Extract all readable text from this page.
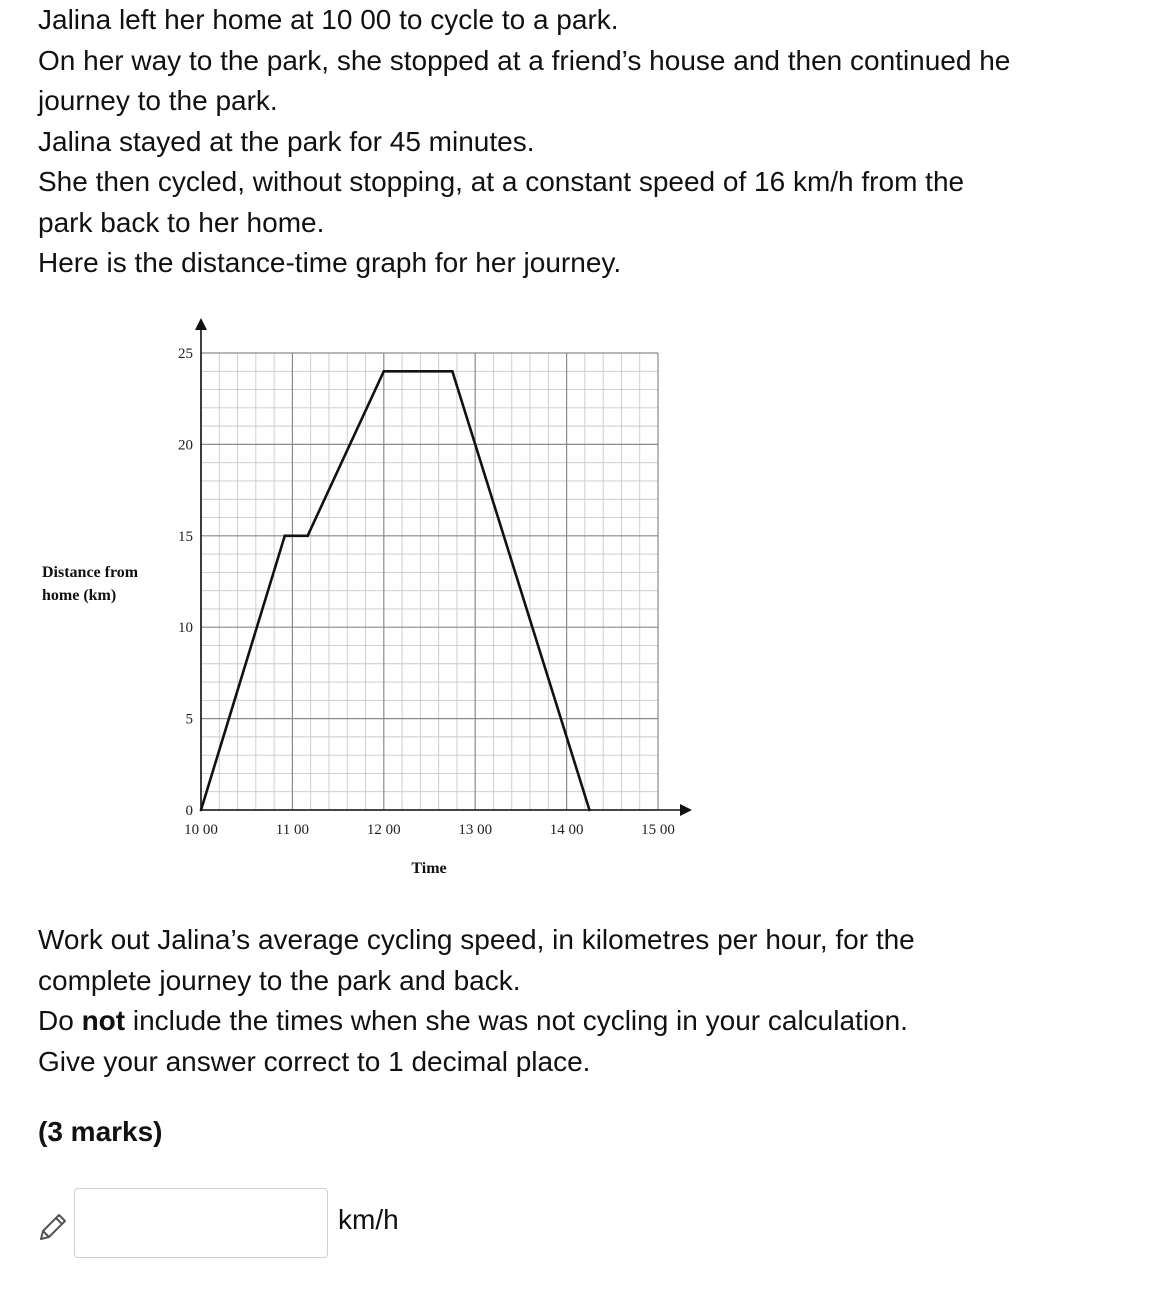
Jalina left her home at 10 00 to cycle to a park.

On her way to the park, she stopped at a friend’s house and then continued he

journey to the park.

Jalina stayed at the park for 45 minutes.

She then cycled, without stopping, at a constant speed of 16 km/h from the

park back to her home.

Here is the distance-time graph for her journey.

10 00	11 00	12 00	13 00	14 00	15 00
0
5
10
15
20
25
Distance from
home (km)
Time

Work out Jalina’s average cycling speed, in kilometres per hour, for the

complete journey to the park and back.

Do not include the times when she was not cycling in your calculation.

Give your answer correct to 1 decimal place.

(3 marks)
km/h
